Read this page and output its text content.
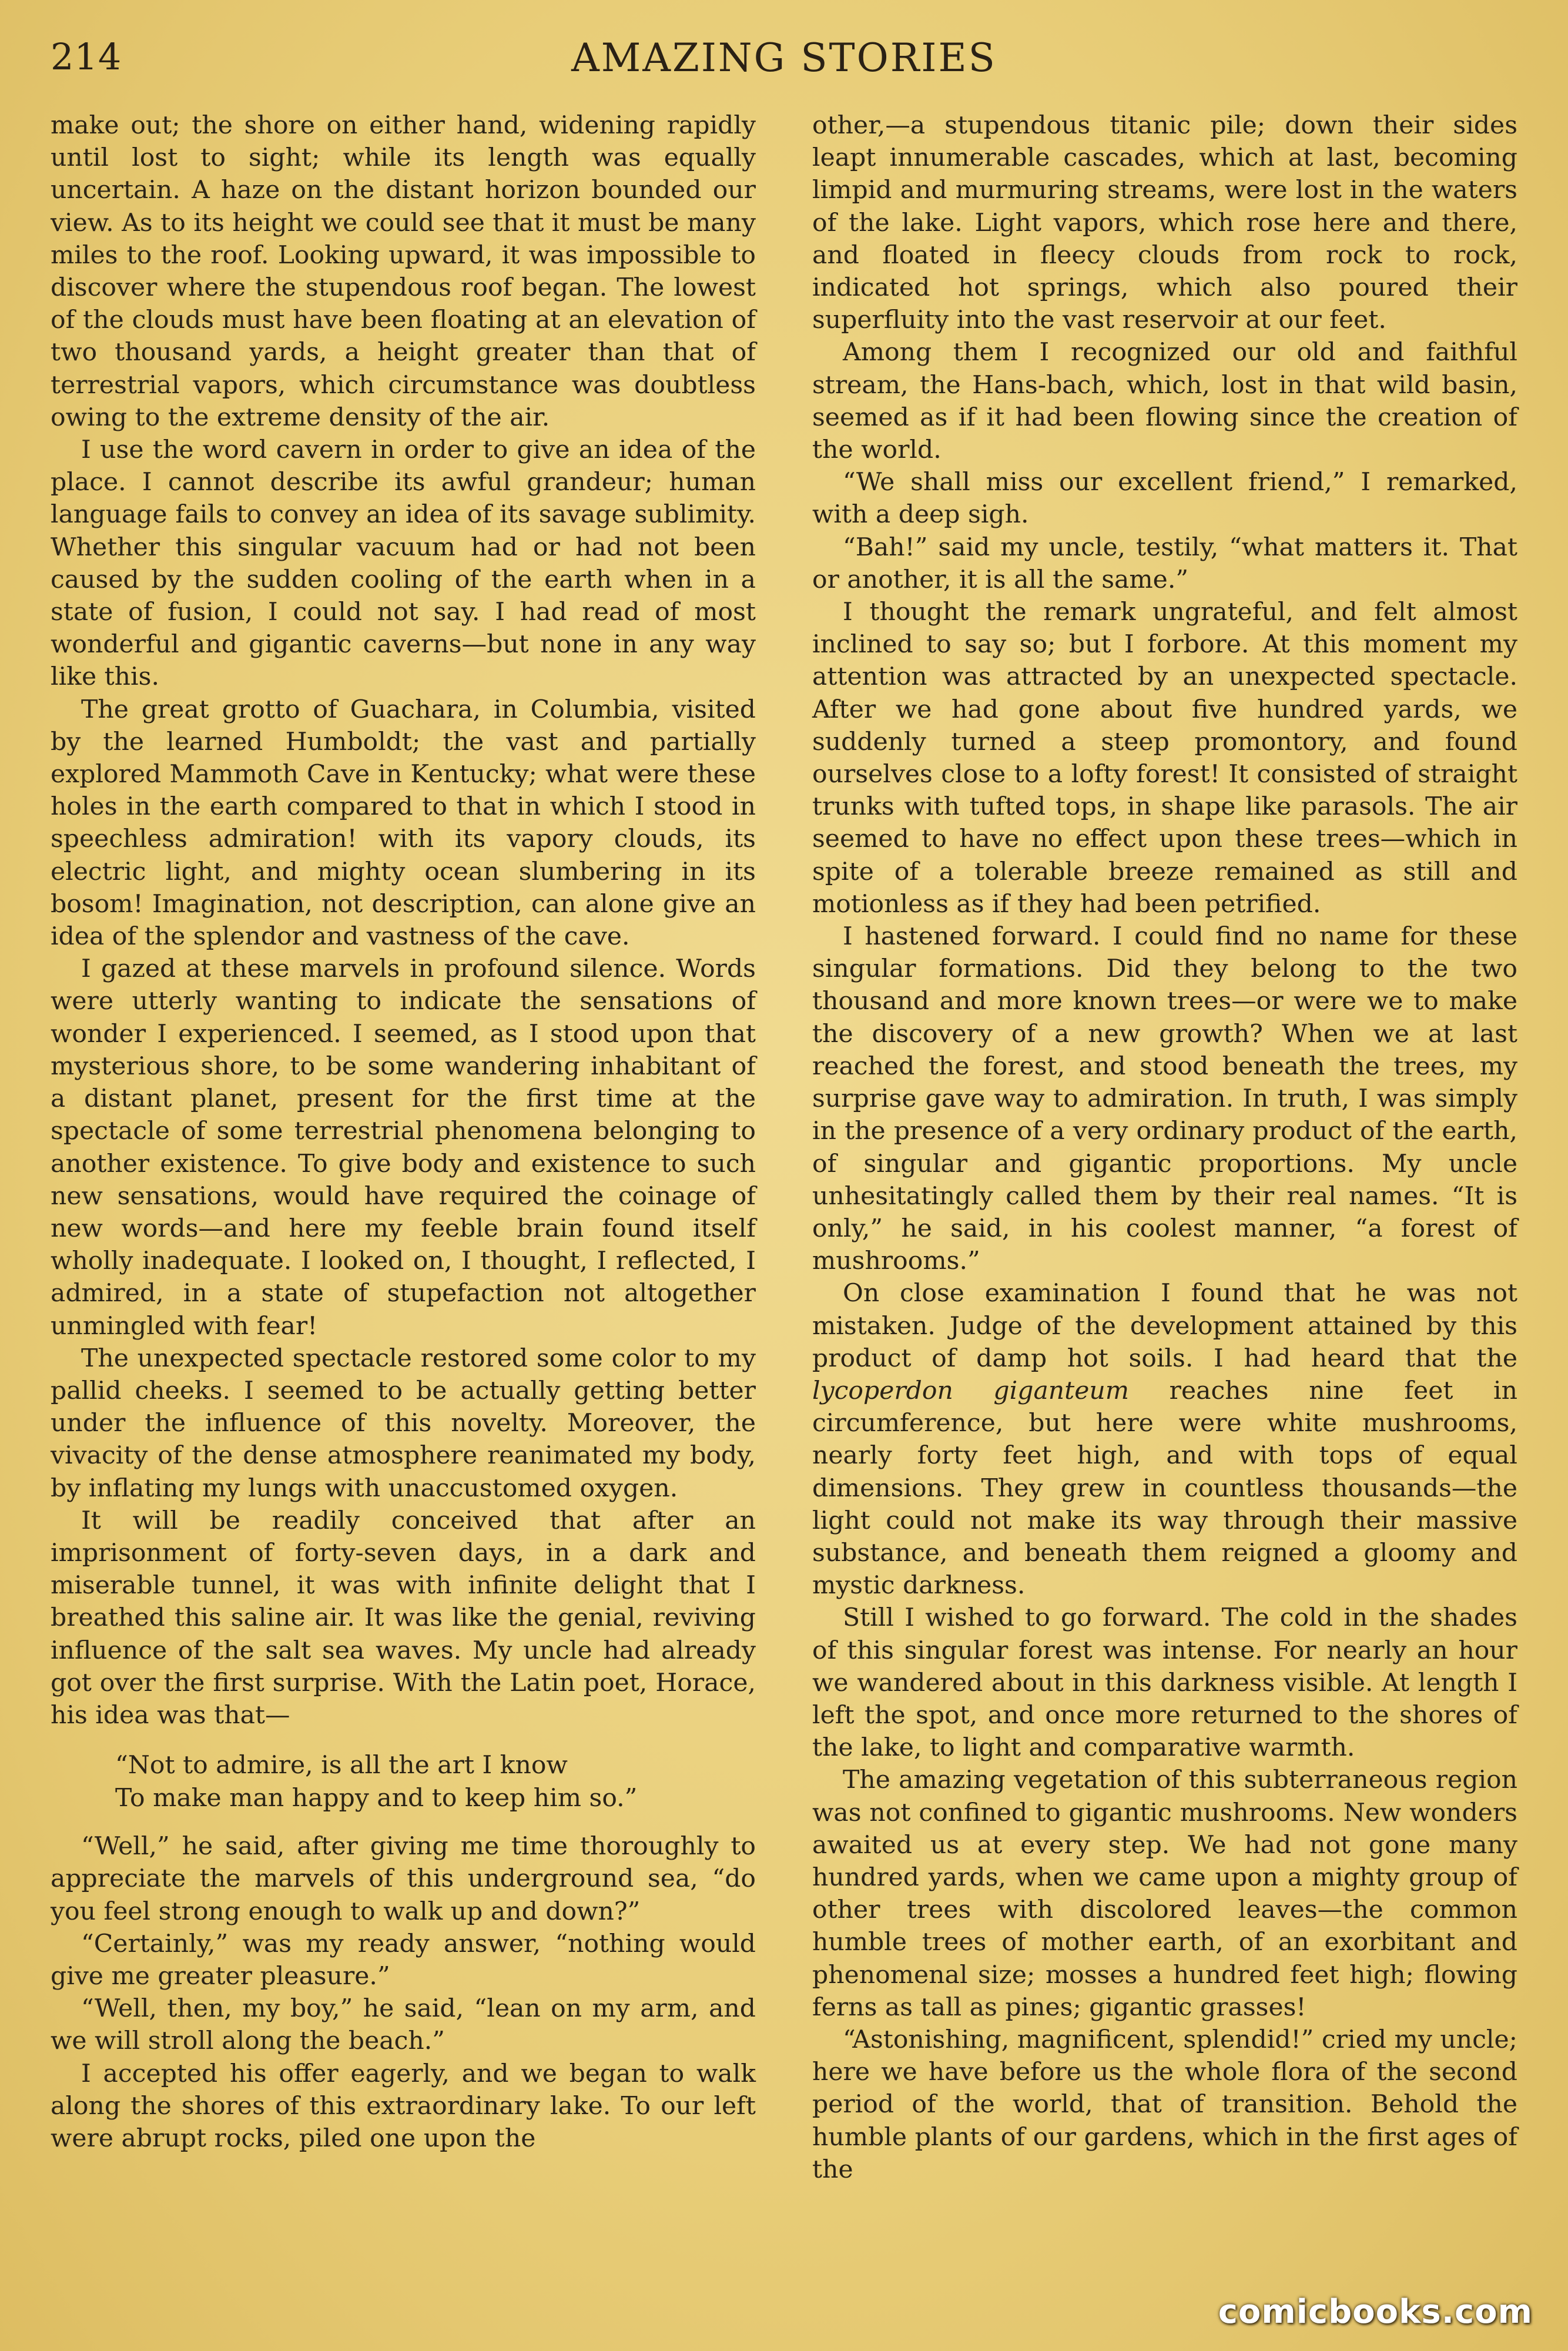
214	AMAZING STORIES

make out; the shore on either hand, widening rapidly until lost to sight; while its length was equally uncertain. A haze on the distant horizon bounded our view. As to its height we could see that it must be many miles to the roof. Looking upward, it was impossible to discover where the stupendous roof began. The lowest of the clouds must have been floating at an elevation of two thousand yards, a height greater than that of terrestrial vapors, which circumstance was doubtless owing to the extreme density of the air.

I use the word cavern in order to give an idea of the place. I cannot describe its awful grandeur; human language fails to convey an idea of its savage sublimity. Whether this singular vacuum had or had not been caused by the sudden cooling of the earth when in a state of fusion, I could not say. I had read of most wonderful and gigantic caverns—but none in any way like this.

The great grotto of Guachara, in Columbia, visited by the learned Humboldt; the vast and partially explored Mammoth Cave in Kentucky; what were these holes in the earth compared to that in which I stood in speechless admiration! with its vapory clouds, its electric light, and mighty ocean slumbering in its bosom! Imagination, not description, can alone give an idea of the splendor and vastness of the cave.

I gazed at these marvels in profound silence. Words were utterly wanting to indicate the sensations of wonder I experienced. I seemed, as I stood upon that mysterious shore, to be some wandering inhabitant of a distant planet, present for the first time at the spectacle of some terrestrial phenomena belonging to another existence. To give body and existence to such new sensations, would have required the coinage of new words—and here my feeble brain found itself wholly inadequate. I looked on, I thought, I reflected, I admired, in a state of stupefaction not altogether unmingled with fear!

The unexpected spectacle restored some color to my pallid cheeks. I seemed to be actually getting better under the influence of this novelty. Moreover, the vivacity of the dense atmosphere reanimated my body, by inflating my lungs with unaccustomed oxygen.

It will be readily conceived that after an imprisonment of forty-seven days, in a dark and miserable tunnel, it was with infinite delight that I breathed this saline air. It was like the genial, reviving influence of the salt sea waves. My uncle had already got over the first surprise. With the Latin poet, Horace, his idea was that—

“Not to admire, is all the art I know
To make man happy and to keep him so.”

“Well,” he said, after giving me time thoroughly to appreciate the marvels of this underground sea, “do you feel strong enough to walk up and down?”

“Certainly,” was my ready answer, “nothing would give me greater pleasure.”

“Well, then, my boy,” he said, “lean on my arm, and we will stroll along the beach.”

I accepted his offer eagerly, and we began to walk along the shores of this extraordinary lake. To our left were abrupt rocks, piled one upon the

other,—a stupendous titanic pile; down their sides leapt innumerable cascades, which at last, becoming limpid and murmuring streams, were lost in the waters of the lake. Light vapors, which rose here and there, and floated in fleecy clouds from rock to rock, indicated hot springs, which also poured their superfluity into the vast reservoir at our feet.

Among them I recognized our old and faithful stream, the Hans-bach, which, lost in that wild basin, seemed as if it had been flowing since the creation of the world.

“We shall miss our excellent friend,” I remarked, with a deep sigh.

“Bah!” said my uncle, testily, “what matters it. That or another, it is all the same.”

I thought the remark ungrateful, and felt almost inclined to say so; but I forbore. At this moment my attention was attracted by an unexpected spectacle. After we had gone about five hundred yards, we suddenly turned a steep promontory, and found ourselves close to a lofty forest! It consisted of straight trunks with tufted tops, in shape like parasols. The air seemed to have no effect upon these trees—which in spite of a tolerable breeze remained as still and motionless as if they had been petrified.

I hastened forward. I could find no name for these singular formations. Did they belong to the two thousand and more known trees—or were we to make the discovery of a new growth? When we at last reached the forest, and stood beneath the trees, my surprise gave way to admiration. In truth, I was simply in the presence of a very ordinary product of the earth, of singular and gigantic proportions. My uncle unhesitatingly called them by their real names. “It is only,” he said, in his coolest manner, “a forest of mushrooms.”

On close examination I found that he was not mistaken. Judge of the development attained by this product of damp hot soils. I had heard that the lycoperdon giganteum reaches nine feet in circumference, but here were white mushrooms, nearly forty feet high, and with tops of equal dimensions. They grew in countless thousands—the light could not make its way through their massive substance, and beneath them reigned a gloomy and mystic darkness.

Still I wished to go forward. The cold in the shades of this singular forest was intense. For nearly an hour we wandered about in this darkness visible. At length I left the spot, and once more returned to the shores of the lake, to light and comparative warmth.

The amazing vegetation of this subterraneous region was not confined to gigantic mushrooms. New wonders awaited us at every step. We had not gone many hundred yards, when we came upon a mighty group of other trees with discolored leaves—the common humble trees of mother earth, of an exorbitant and phenomenal size; mosses a hundred feet high; flowing ferns as tall as pines; gigantic grasses!

“Astonishing, magnificent, splendid!” cried my uncle; here we have before us the whole flora of the second period of the world, that of transition. Behold the humble plants of our gardens, which in the first ages of the

comicbooks.com
